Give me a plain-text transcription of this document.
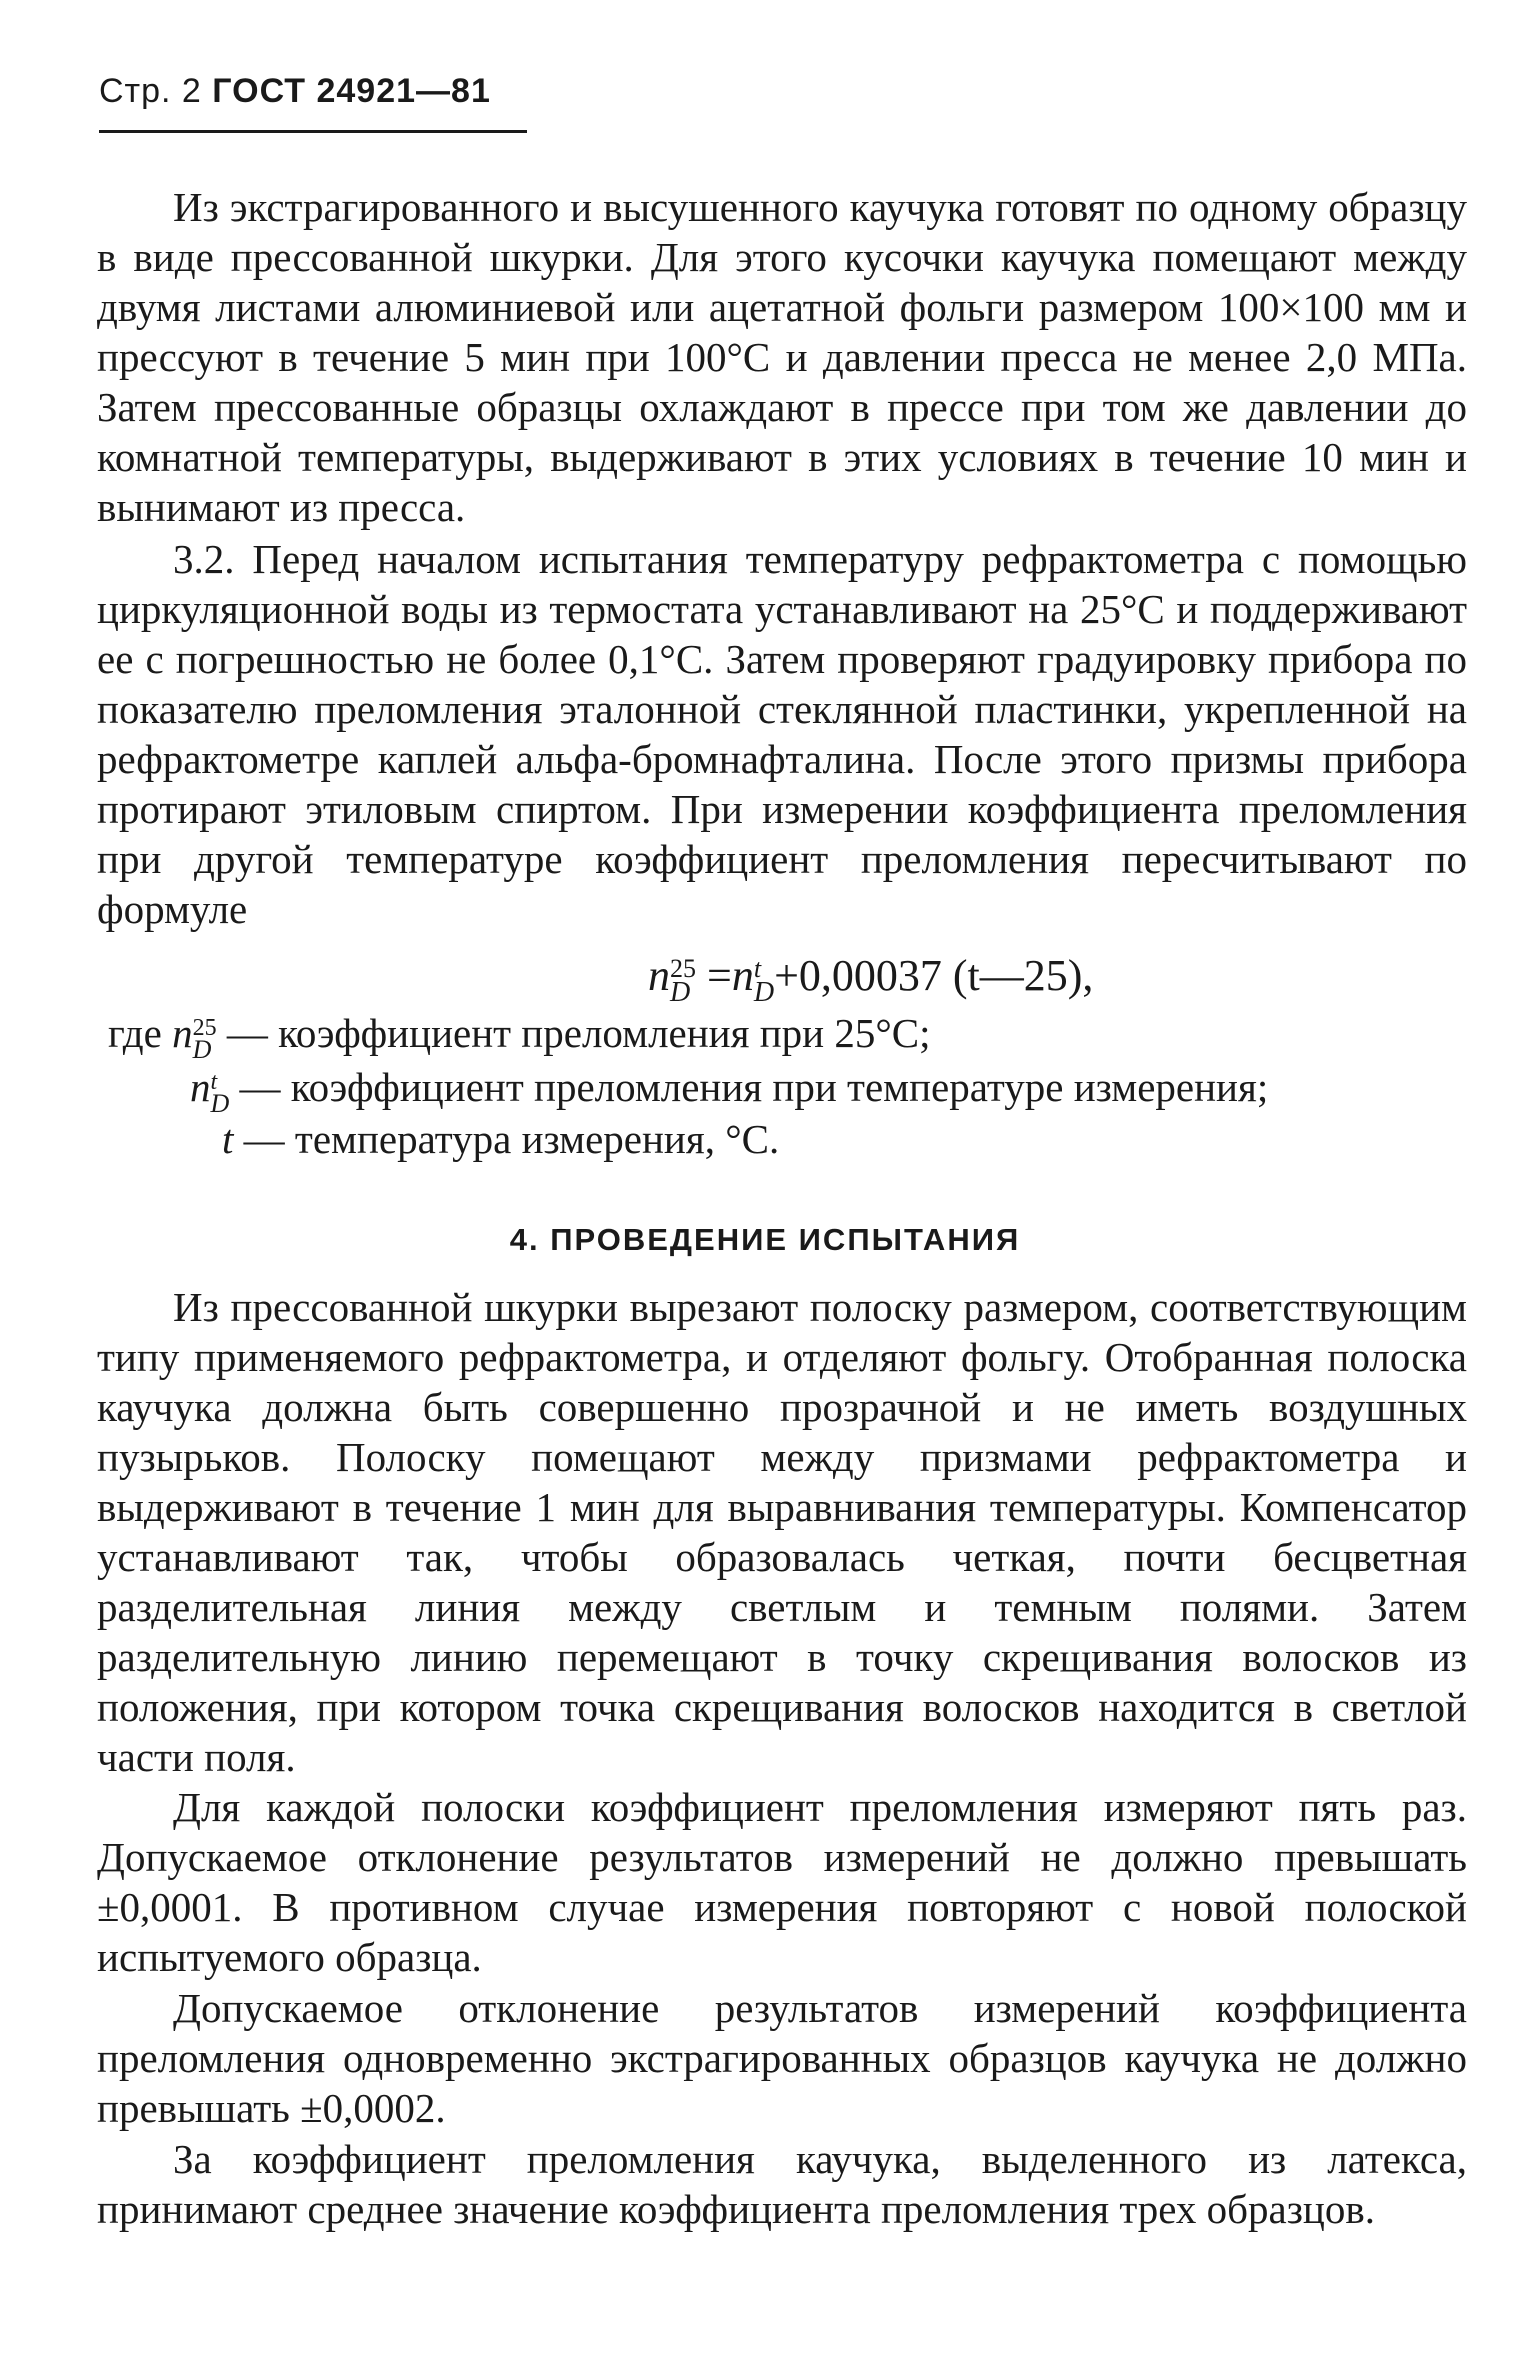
Стр. 2 ГОСТ 24921—81

Из экстрагированного и высушенного каучука готовят по одному образцу в виде прессованной шкурки. Для этого кусочки каучука помещают между двумя листами алюминиевой или ацетатной фольги размером 100×100 мм и прессуют в течение 5 мин при 100°С и давлении пресса не менее 2,0 МПа. Затем прессованные образцы охлаждают в прессе при том же давлении до комнатной температуры, выдерживают в этих условиях в течение 10 мин и вынимают из пресса.

3.2. Перед началом испытания температуру рефрактометра с помощью циркуляционной воды из термостата устанавливают на 25°С и поддерживают ее с погрешностью не более 0,1°С. Затем проверяют градуировку прибора по показателю преломления эталонной стеклянной пластинки, укрепленной на рефрактометре каплей альфа-бромнафталина. После этого призмы прибора протирают этиловым спиртом. При измерении коэффициента преломления при другой температуре коэффициент преломления пересчитывают по формуле

n 25
D =n t
D +0,00037 (t—25),
где n 25
D — коэффициент преломления при 25°С;
n t
D — коэффициент преломления при температуре измерения;
t — температура измерения, °С.
4. ПРОВЕДЕНИЕ ИСПЫТАНИЯ

Из прессованной шкурки вырезают полоску размером, соответствующим типу применяемого рефрактометра, и отделяют фольгу. Отобранная полоска каучука должна быть совершенно прозрачной и не иметь воздушных пузырьков. Полоску помещают между призмами рефрактометра и выдерживают в течение 1 мин для выравнивания температуры. Компенсатор устанавливают так, чтобы образовалась четкая, почти бесцветная разделительная линия между светлым и темным полями. Затем разделительную линию перемещают в точку скрещивания волосков из положения, при котором точка скрещивания волосков находится в светлой части поля.

Для каждой полоски коэффициент преломления измеряют пять раз. Допускаемое отклонение результатов измерений не должно превышать ±0,0001. В противном случае измерения повторяют с новой полоской испытуемого образца.

Допускаемое отклонение результатов измерений коэффициента преломления одновременно экстрагированных образцов каучука не должно превышать ±0,0002.

За коэффициент преломления каучука, выделенного из латекса, принимают среднее значение коэффициента преломления трех образцов.
